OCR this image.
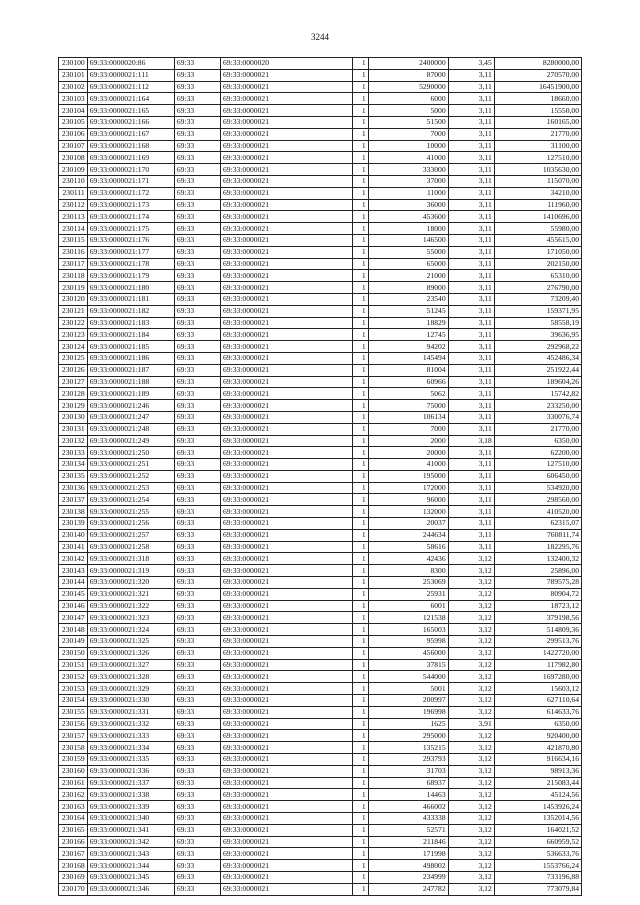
3244
230100	69:33:0000020:86	69:33	69:33:0000020	1	2400000	3,45	8280000,00
230101	69:33:0000021:111	69:33	69:33:0000021	1	87000	3,11	270570,00
230102	69:33:0000021:112	69:33	69:33:0000021	1	5290000	3,11	16451900,00
230103	69:33:0000021:164	69:33	69:33:0000021	1	6000	3,11	18660,00
230104	69:33:0000021:165	69:33	69:33:0000021	1	5000	3,11	15550,00
230105	69:33:0000021:166	69:33	69:33:0000021	1	51500	3,11	160165,00
230106	69:33:0000021:167	69:33	69:33:0000021	1	7000	3,11	21770,00
230107	69:33:0000021:168	69:33	69:33:0000021	1	10000	3,11	31100,00
230108	69:33:0000021:169	69:33	69:33:0000021	1	41000	3,11	127510,00
230109	69:33:0000021:170	69:33	69:33:0000021	1	333000	3,11	1035630,00
230110	69:33:0000021:171	69:33	69:33:0000021	1	37000	3,11	115070,00
230111	69:33:0000021:172	69:33	69:33:0000021	1	11000	3,11	34210,00
230112	69:33:0000021:173	69:33	69:33:0000021	1	36000	3,11	111960,00
230113	69:33:0000021:174	69:33	69:33:0000021	1	453600	3,11	1410696,00
230114	69:33:0000021:175	69:33	69:33:0000021	1	18000	3,11	55980,00
230115	69:33:0000021:176	69:33	69:33:0000021	1	146500	3,11	455615,00
230116	69:33:0000021:177	69:33	69:33:0000021	1	55000	3,11	171050,00
230117	69:33:0000021:178	69:33	69:33:0000021	1	65000	3,11	202150,00
230118	69:33:0000021:179	69:33	69:33:0000021	1	21000	3,11	65310,00
230119	69:33:0000021:180	69:33	69:33:0000021	1	89000	3,11	276790,00
230120	69:33:0000021:181	69:33	69:33:0000021	1	23540	3,11	73209,40
230121	69:33:0000021:182	69:33	69:33:0000021	1	51245	3,11	159371,95
230122	69:33:0000021:183	69:33	69:33:0000021	1	18829	3,11	58558,19
230123	69:33:0000021:184	69:33	69:33:0000021	1	12745	3,11	39636,95
230124	69:33:0000021:185	69:33	69:33:0000021	1	94202	3,11	292968,22
230125	69:33:0000021:186	69:33	69:33:0000021	1	145494	3,11	452486,34
230126	69:33:0000021:187	69:33	69:33:0000021	1	81004	3,11	251922,44
230127	69:33:0000021:188	69:33	69:33:0000021	1	60966	3,11	189604,26
230128	69:33:0000021:189	69:33	69:33:0000021	1	5062	3,11	15742,82
230129	69:33:0000021:246	69:33	69:33:0000021	1	75000	3,11	233250,00
230130	69:33:0000021:247	69:33	69:33:0000021	1	106134	3,11	330076,74
230131	69:33:0000021:248	69:33	69:33:0000021	1	7000	3,11	21770,00
230132	69:33:0000021:249	69:33	69:33:0000021	1	2000	3,18	6350,00
230133	69:33:0000021:250	69:33	69:33:0000021	1	20000	3,11	62200,00
230134	69:33:0000021:251	69:33	69:33:0000021	1	41000	3,11	127510,00
230135	69:33:0000021:252	69:33	69:33:0000021	1	195000	3,11	606450,00
230136	69:33:0000021:253	69:33	69:33:0000021	1	172000	3,11	534920,00
230137	69:33:0000021:254	69:33	69:33:0000021	1	96000	3,11	298560,00
230138	69:33:0000021:255	69:33	69:33:0000021	1	132000	3,11	410520,00
230139	69:33:0000021:256	69:33	69:33:0000021	1	20037	3,11	62315,07
230140	69:33:0000021:257	69:33	69:33:0000021	1	244634	3,11	760811,74
230141	69:33:0000021:258	69:33	69:33:0000021	1	58616	3,11	182295,76
230142	69:33:0000021:318	69:33	69:33:0000021	1	42436	3,12	132400,32
230143	69:33:0000021:319	69:33	69:33:0000021	1	8300	3,12	25896,00
230144	69:33:0000021:320	69:33	69:33:0000021	1	253069	3,12	789575,28
230145	69:33:0000021:321	69:33	69:33:0000021	1	25931	3,12	80904,72
230146	69:33:0000021:322	69:33	69:33:0000021	1	6001	3,12	18723,12
230147	69:33:0000021:323	69:33	69:33:0000021	1	121538	3,12	379198,56
230148	69:33:0000021:324	69:33	69:33:0000021	1	165003	3,12	514809,36
230149	69:33:0000021:325	69:33	69:33:0000021	1	95998	3,12	299513,76
230150	69:33:0000021:326	69:33	69:33:0000021	1	456000	3,12	1422720,00
230151	69:33:0000021:327	69:33	69:33:0000021	1	37815	3,12	117982,80
230152	69:33:0000021:328	69:33	69:33:0000021	1	544000	3,12	1697280,00
230153	69:33:0000021:329	69:33	69:33:0000021	1	5001	3,12	15603,12
230154	69:33:0000021:330	69:33	69:33:0000021	1	200997	3,12	627110,64
230155	69:33:0000021:331	69:33	69:33:0000021	1	196998	3,12	614633,76
230156	69:33:0000021:332	69:33	69:33:0000021	1	1625	3,91	6350,00
230157	69:33:0000021:333	69:33	69:33:0000021	1	295000	3,12	920400,00
230158	69:33:0000021:334	69:33	69:33:0000021	1	135215	3,12	421870,80
230159	69:33:0000021:335	69:33	69:33:0000021	1	293793	3,12	916634,16
230160	69:33:0000021:336	69:33	69:33:0000021	1	31703	3,12	98913,36
230161	69:33:0000021:337	69:33	69:33:0000021	1	68937	3,12	215083,44
230162	69:33:0000021:338	69:33	69:33:0000021	1	14463	3,12	45124,56
230163	69:33:0000021:339	69:33	69:33:0000021	1	466002	3,12	1453926,24
230164	69:33:0000021:340	69:33	69:33:0000021	1	433338	3,12	1352014,56
230165	69:33:0000021:341	69:33	69:33:0000021	1	52571	3,12	164021,52
230166	69:33:0000021:342	69:33	69:33:0000021	1	211846	3,12	660959,52
230167	69:33:0000021:343	69:33	69:33:0000021	1	171998	3,12	536633,76
230168	69:33:0000021:344	69:33	69:33:0000021	1	498002	3,12	1553766,24
230169	69:33:0000021:345	69:33	69:33:0000021	1	234999	3,12	733196,88
230170	69:33:0000021:346	69:33	69:33:0000021	1	247782	3,12	773079,84
